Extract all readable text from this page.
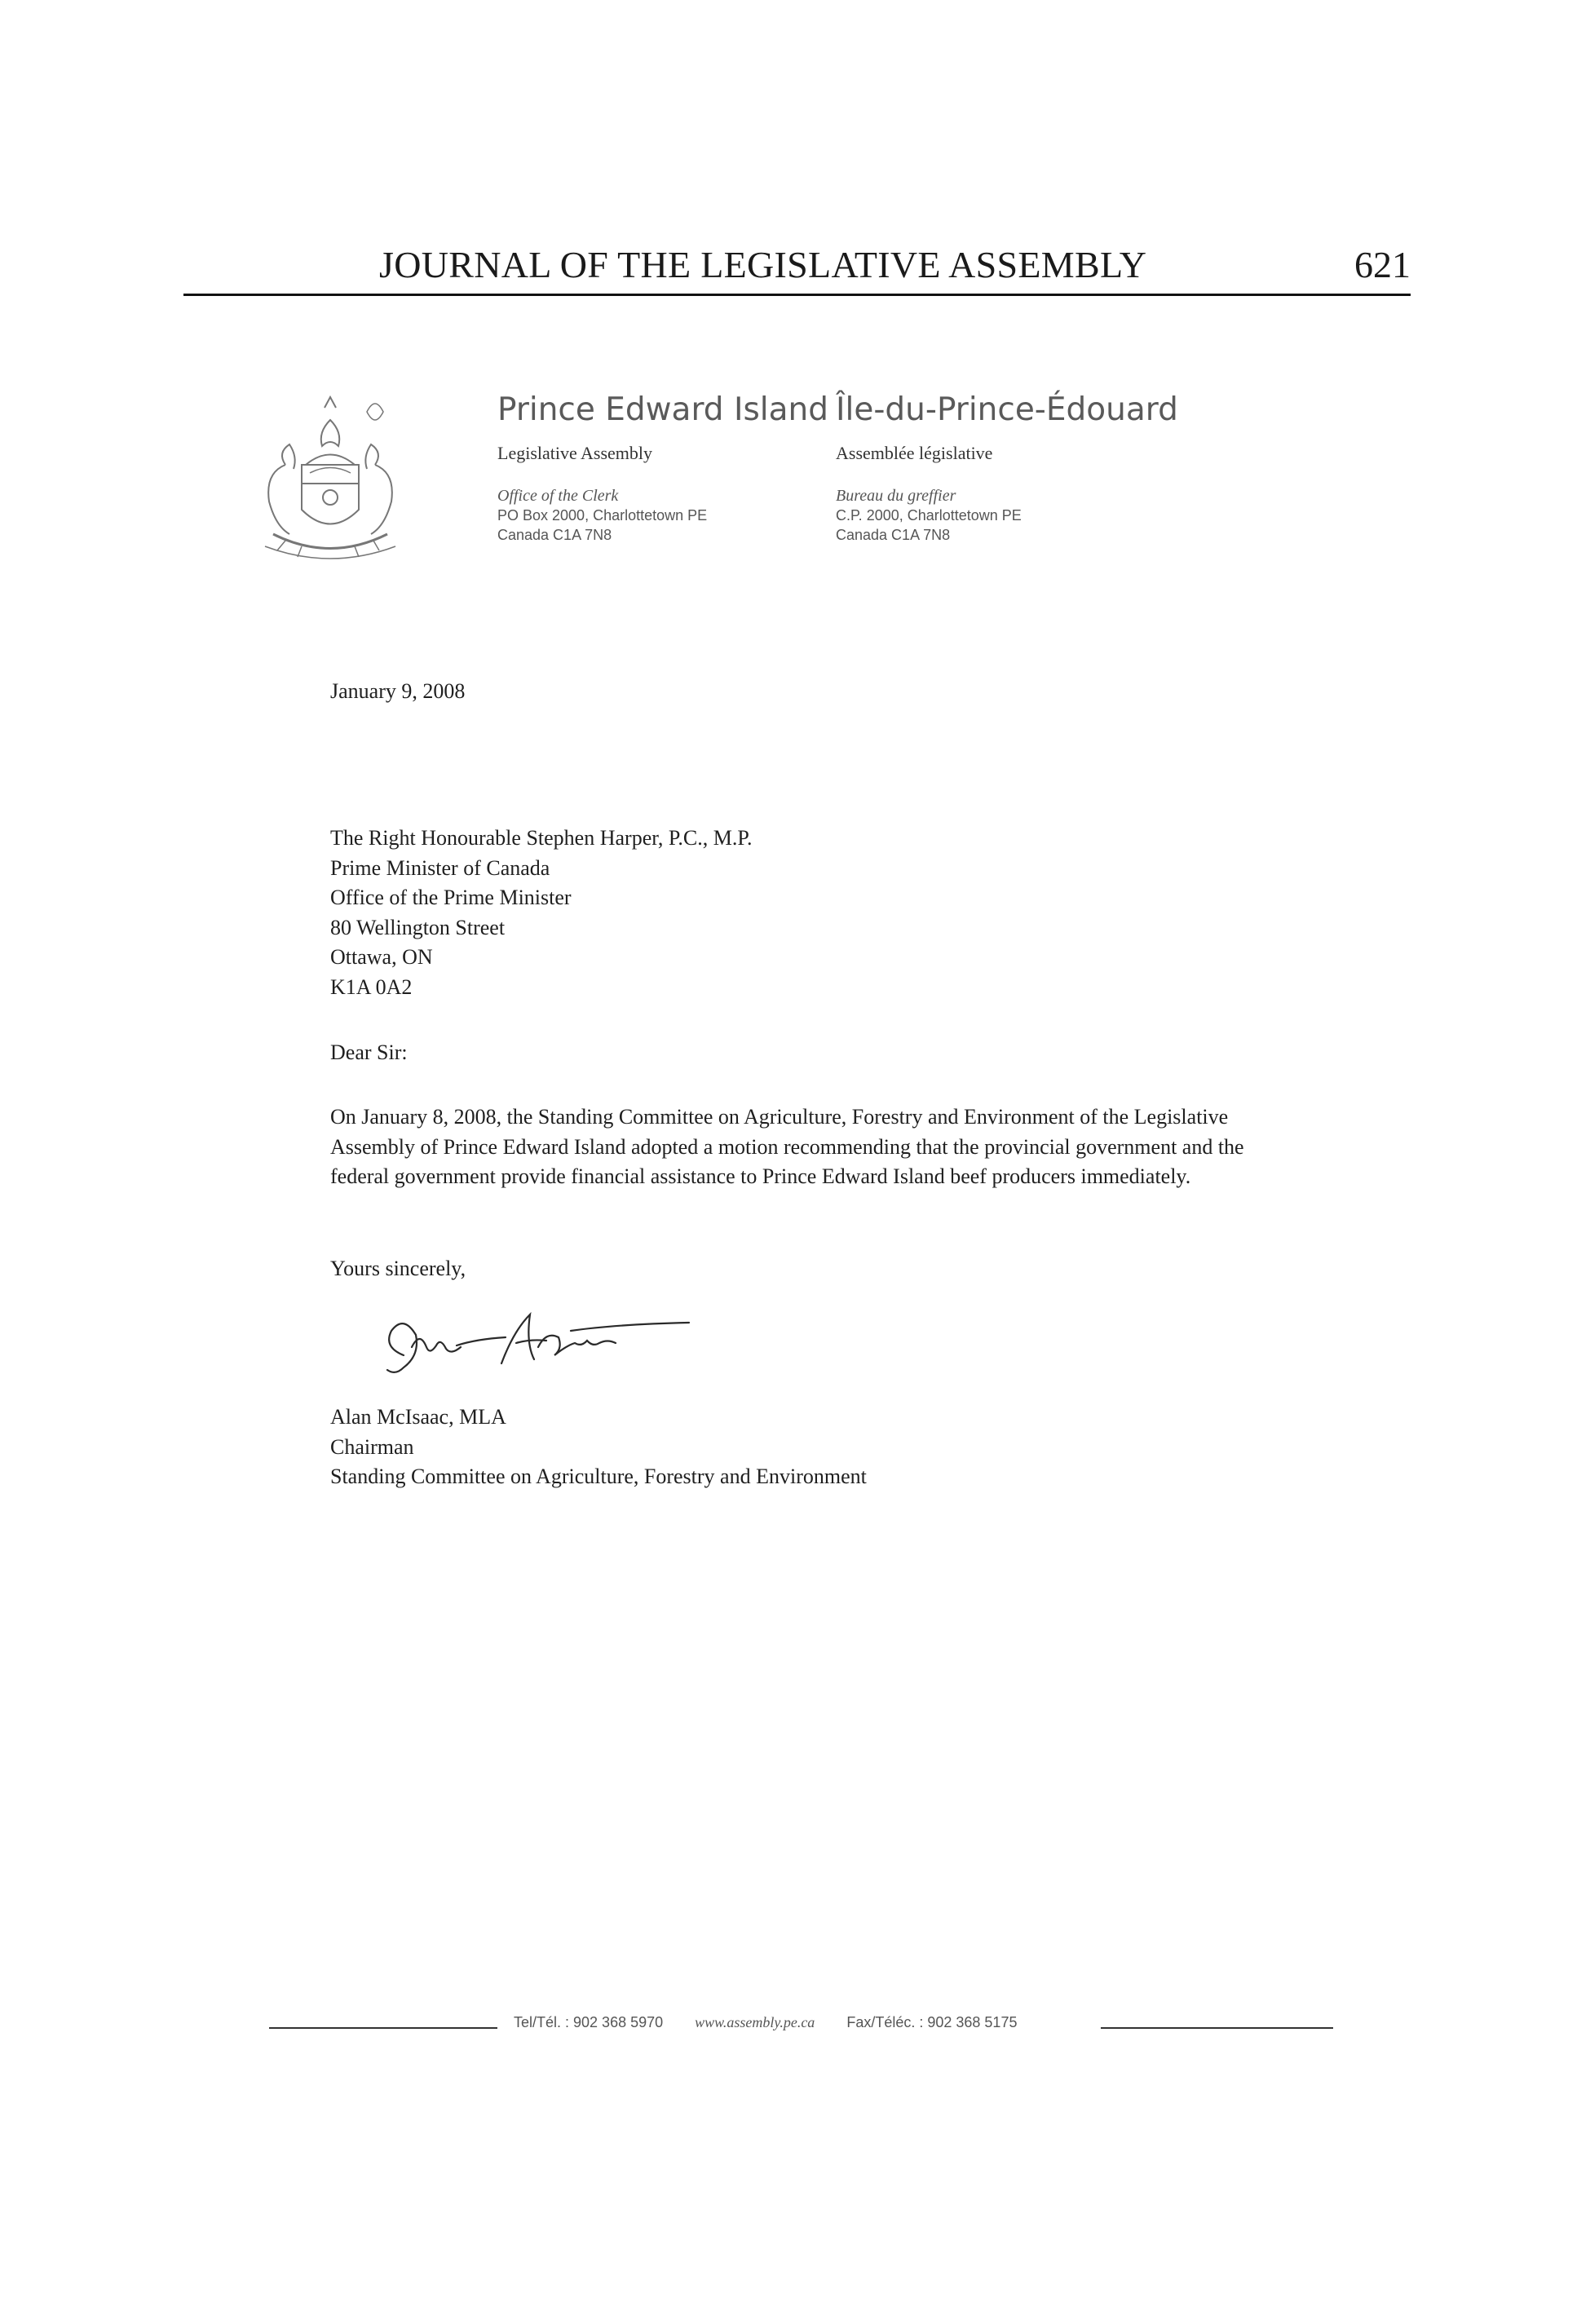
JOURNAL OF THE LEGISLATIVE ASSEMBLY	621
Prince Edward Island
Legislative Assembly
Office of the Clerk
PO Box 2000, Charlottetown PE
Canada C1A 7N8
Île-du-Prince-Édouard
Assemblée législative
Bureau du greffier
C.P. 2000, Charlottetown PE
Canada C1A 7N8
January 9, 2008
The Right Honourable Stephen Harper, P.C., M.P.
Prime Minister of Canada
Office of the Prime Minister
80 Wellington Street
Ottawa, ON
K1A 0A2
Dear Sir:
On January 8, 2008, the Standing Committee on Agriculture, Forestry and Environment of the Legislative Assembly of Prince Edward Island adopted a motion recommending that the provincial government and the federal government provide financial assistance to Prince Edward Island beef producers immediately.
Yours sincerely,
Alan McIsaac, MLA
Chairman
Standing Committee on Agriculture, Forestry and Environment
Tel/Tél. : 902 368 5970 www.assembly.pe.ca Fax/Téléc. : 902 368 5175
